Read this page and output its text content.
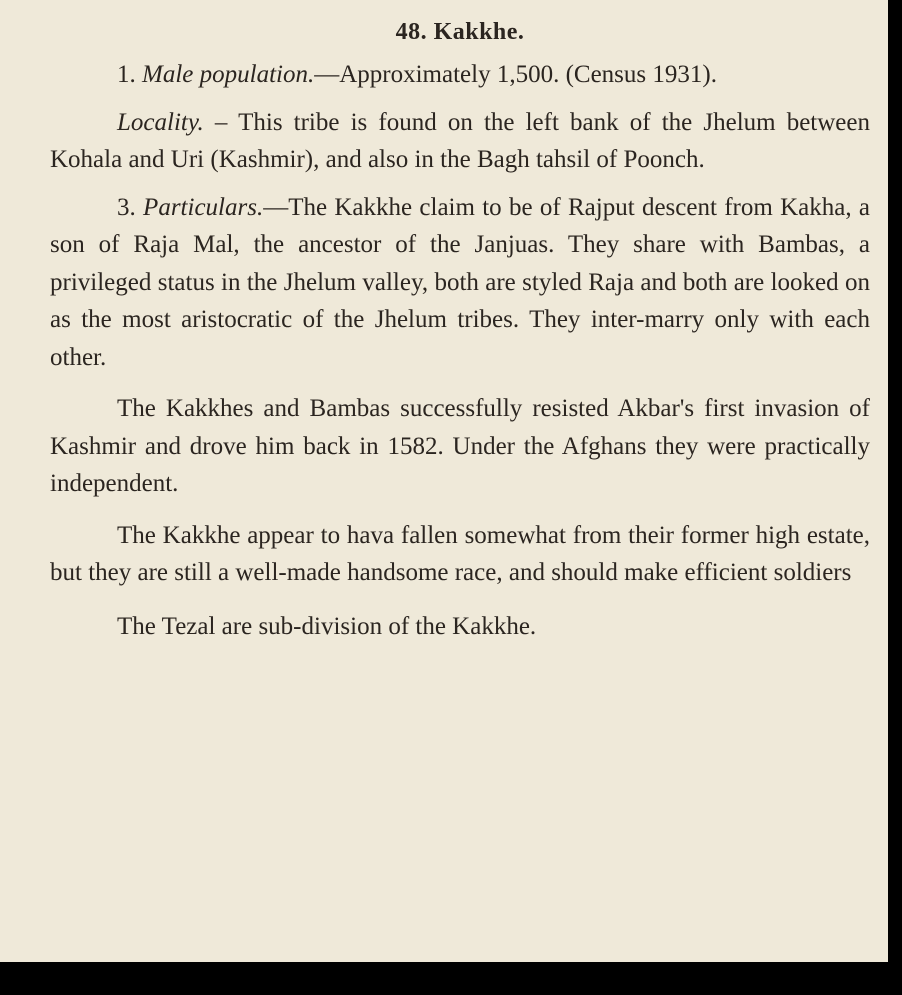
48. Kakkhe.

1. Male population.—Approximately 1,500. (Census 1931).

Locality. – This tribe is found on the left bank of the Jhelum between Kohala and Uri (Kashmir), and also in the Bagh tahsil of Poonch.

3. Particulars.—The Kakkhe claim to be of Rajput descent from Kakha, a son of Raja Mal, the ancestor of the Janjuas. They share with Bambas, a privileged status in the Jhelum valley, both are styled Raja and both are looked on as the most aristocratic of the Jhelum tribes. They inter-marry only with each other.

The Kakkhes and Bambas successfully resisted Akbar's first invasion of Kashmir and drove him back in 1582. Under the Afghans they were practically independent.

The Kakkhe appear to hava fallen somewhat from their former high estate, but they are still a well-made handsome race, and should make efficient soldiers

The Tezal are sub-division of the Kakkhe.
